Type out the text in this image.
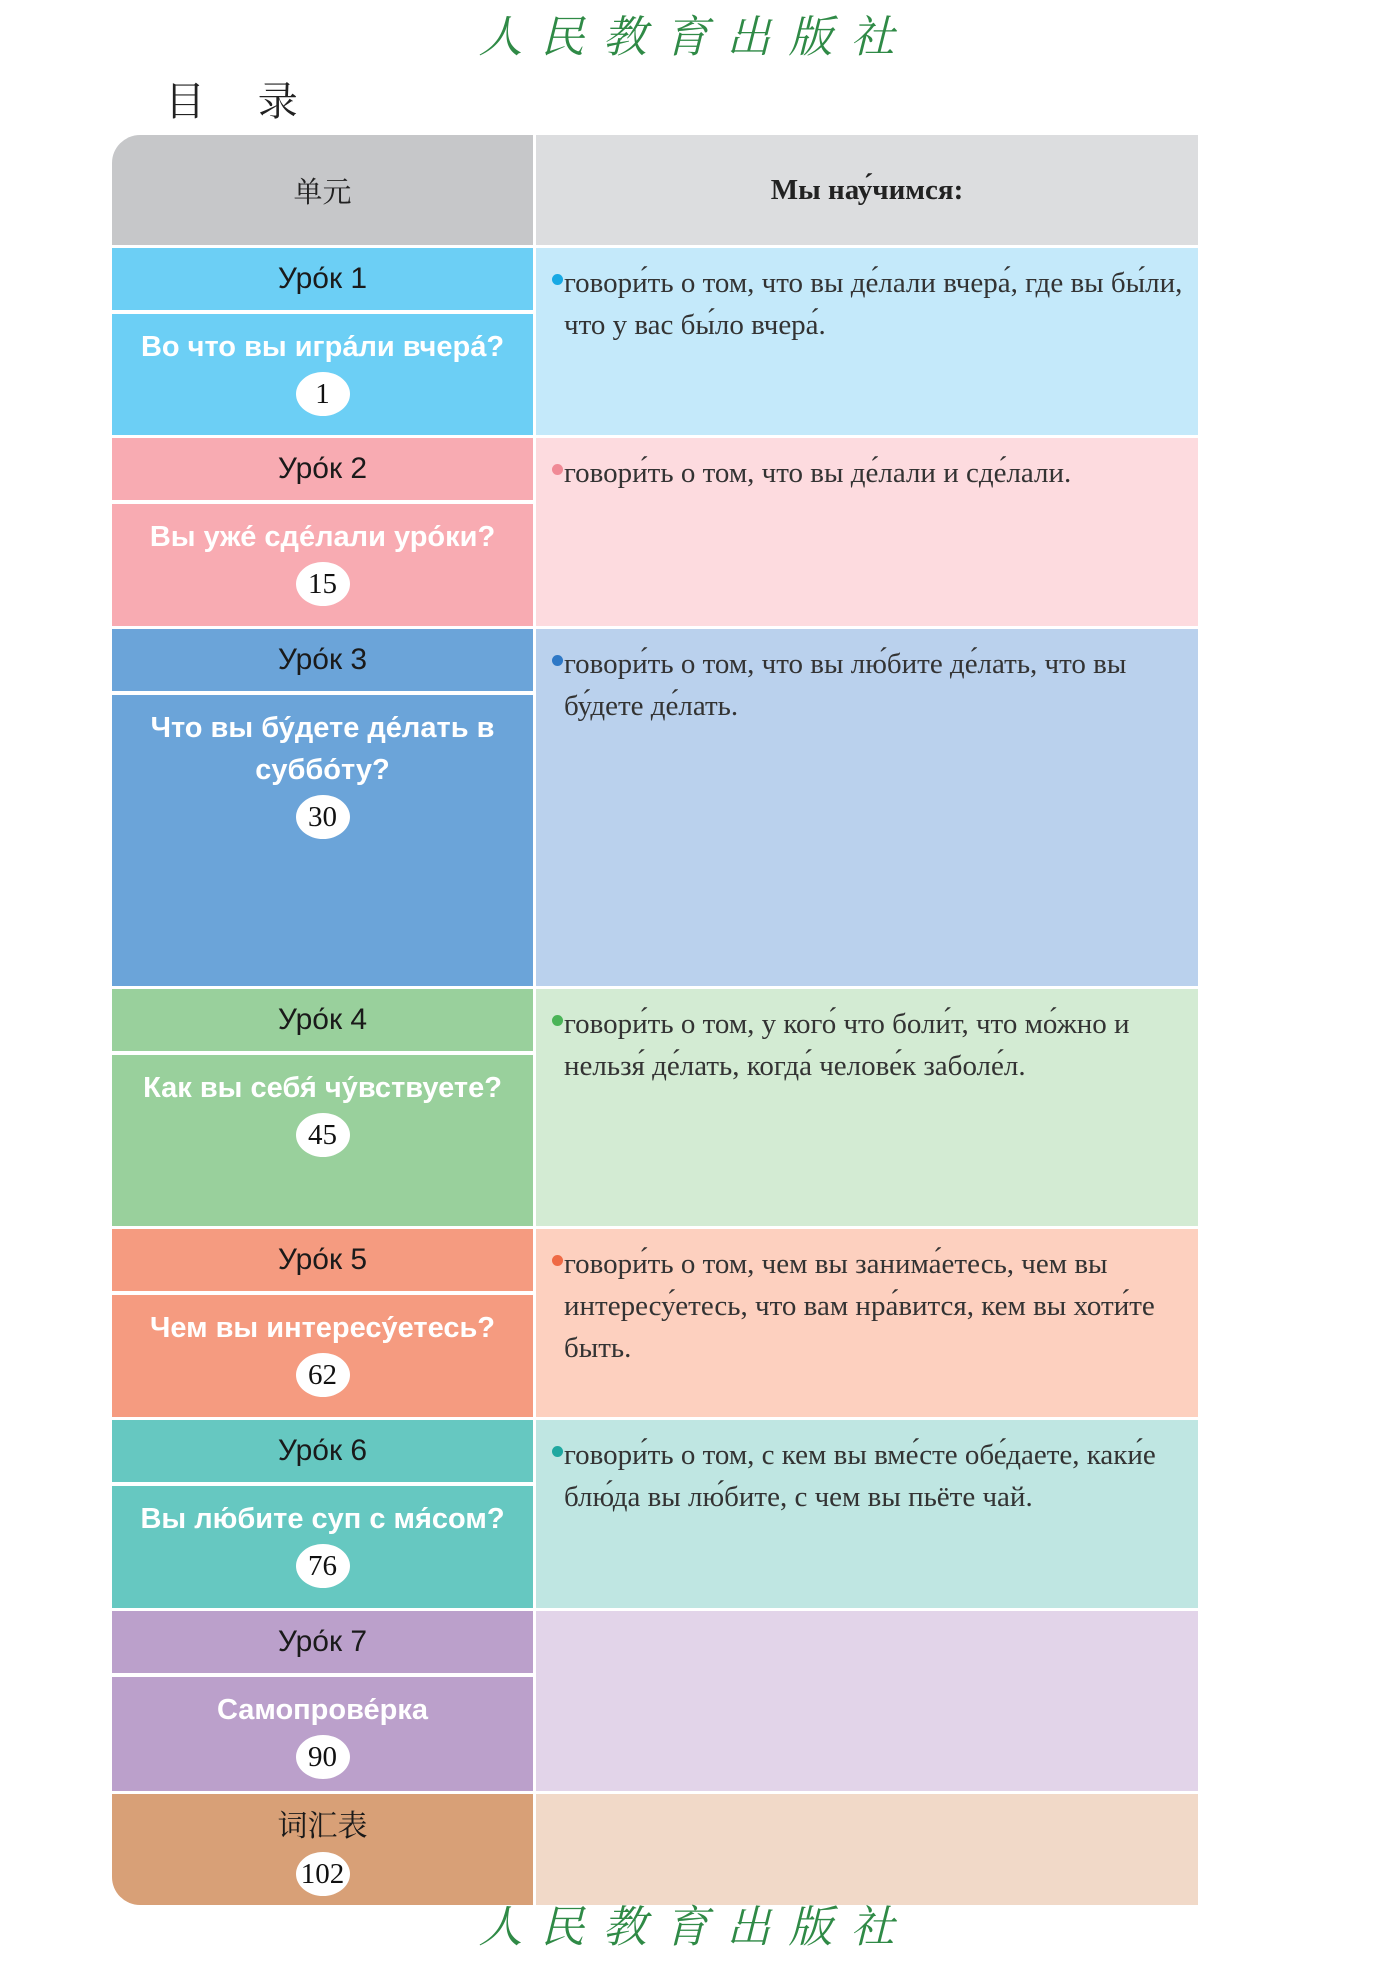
人民教育出版社
目 录
单元	Мы нау́чимся:
Уро́к 1
Во что вы игра́ли вчера́?
1
говори́ть о том, что вы де́лали вчера́, где вы бы́ли, что у вас бы́ло вчера́.
Уро́к 2
Вы уже́ сде́лали уро́ки?
15
говори́ть о том, что вы де́лали и сде́лали.
Уро́к 3
Что вы бу́дете де́лать в суббо́ту?
30
говори́ть о том, что вы лю́бите де́лать, что вы бу́дете де́лать.
Уро́к 4
Как вы себя́ чу́вствуете?
45
говори́ть о том, у кого́ что боли́т, что мо́жно и нельзя́ де́лать, когда́ челове́к заболе́л.
Уро́к 5
Чем вы интересу́етесь?
62
говори́ть о том, чем вы занима́етесь, чем вы интересу́етесь, что вам нра́вится, кем вы хоти́те быть.
Уро́к 6
Вы лю́бите суп с мя́сом?
76
говори́ть о том, с кем вы вме́сте обе́даете, каки́е блю́да вы лю́бите, с чем вы пьёте чай.
Уро́к 7
Самопрове́рка
90
词汇表
102
人民教育出版社
